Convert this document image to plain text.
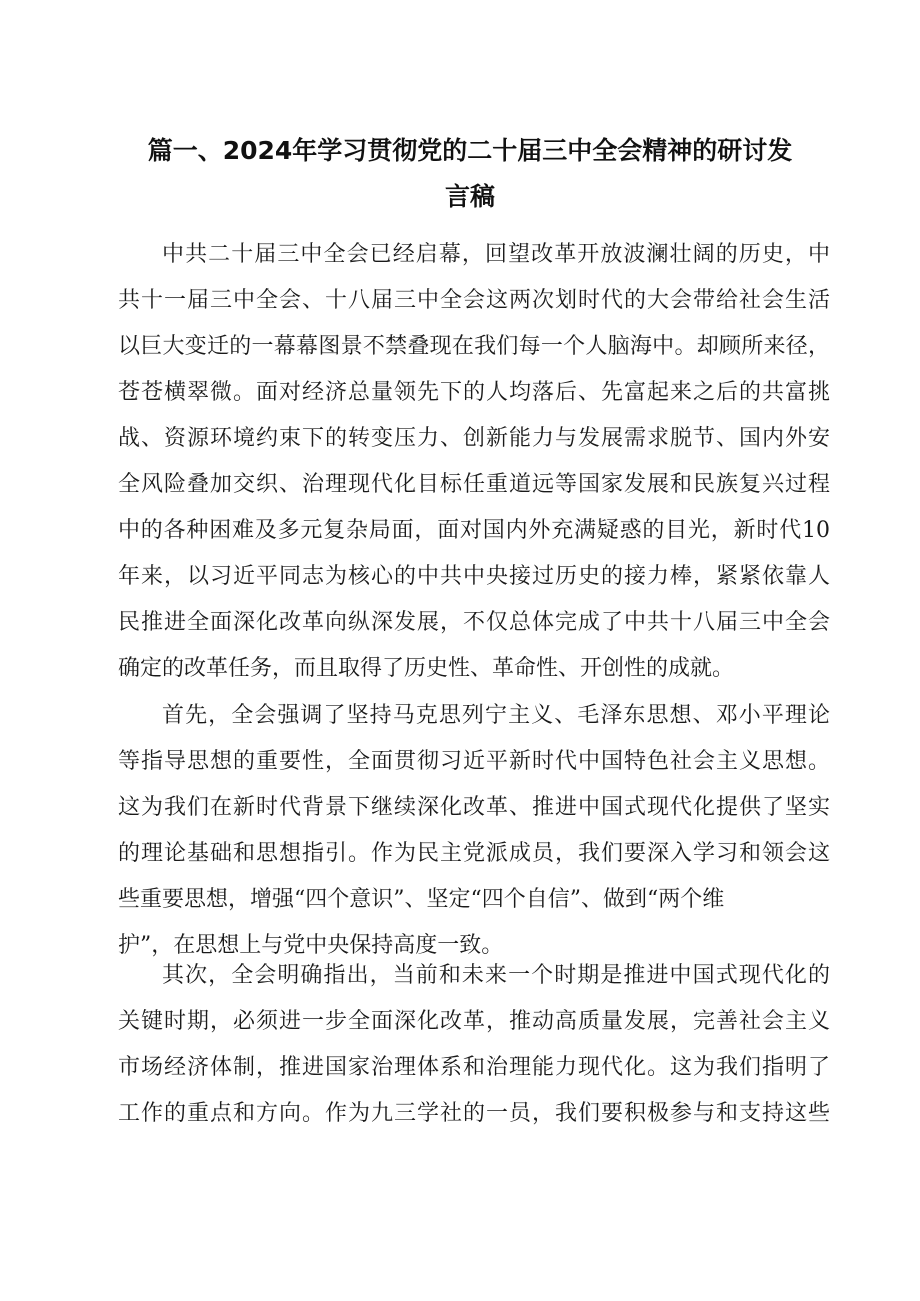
篇一、2024年学习贯彻党的二十届三中全会精神的研讨发
言稿
中共二十届三中全会已经启幕，回望改革开放波澜壮阔的历史，中
共十一届三中全会、十八届三中全会这两次划时代的大会带给社会生活
以巨大变迁的一幕幕图景不禁叠现在我们每一个人脑海中。却顾所来径，
苍苍横翠微。面对经济总量领先下的人均落后、先富起来之后的共富挑
战、资源环境约束下的转变压力、创新能力与发展需求脱节、国内外安
全风险叠加交织、治理现代化目标任重道远等国家发展和民族复兴过程
中的各种困难及多元复杂局面，面对国内外充满疑惑的目光，新时代10
年来，以习近平同志为核心的中共中央接过历史的接力棒，紧紧依靠人
民推进全面深化改革向纵深发展，不仅总体完成了中共十八届三中全会
确定的改革任务，而且取得了历史性、革命性、开创性的成就。
首先，全会强调了坚持马克思列宁主义、毛泽东思想、邓小平理论
等指导思想的重要性，全面贯彻习近平新时代中国特色社会主义思想。
这为我们在新时代背景下继续深化改革、推进中国式现代化提供了坚实
的理论基础和思想指引。作为民主党派成员，我们要深入学习和领会这
些重要思想，增强“四个意识”、坚定“四个自信”、做到“两个维
护”，在思想上与党中央保持高度一致。
其次，全会明确指出，当前和未来一个时期是推进中国式现代化的
关键时期，必须进一步全面深化改革，推动高质量发展，完善社会主义
市场经济体制，推进国家治理体系和治理能力现代化。这为我们指明了
工作的重点和方向。作为九三学社的一员，我们要积极参与和支持这些
